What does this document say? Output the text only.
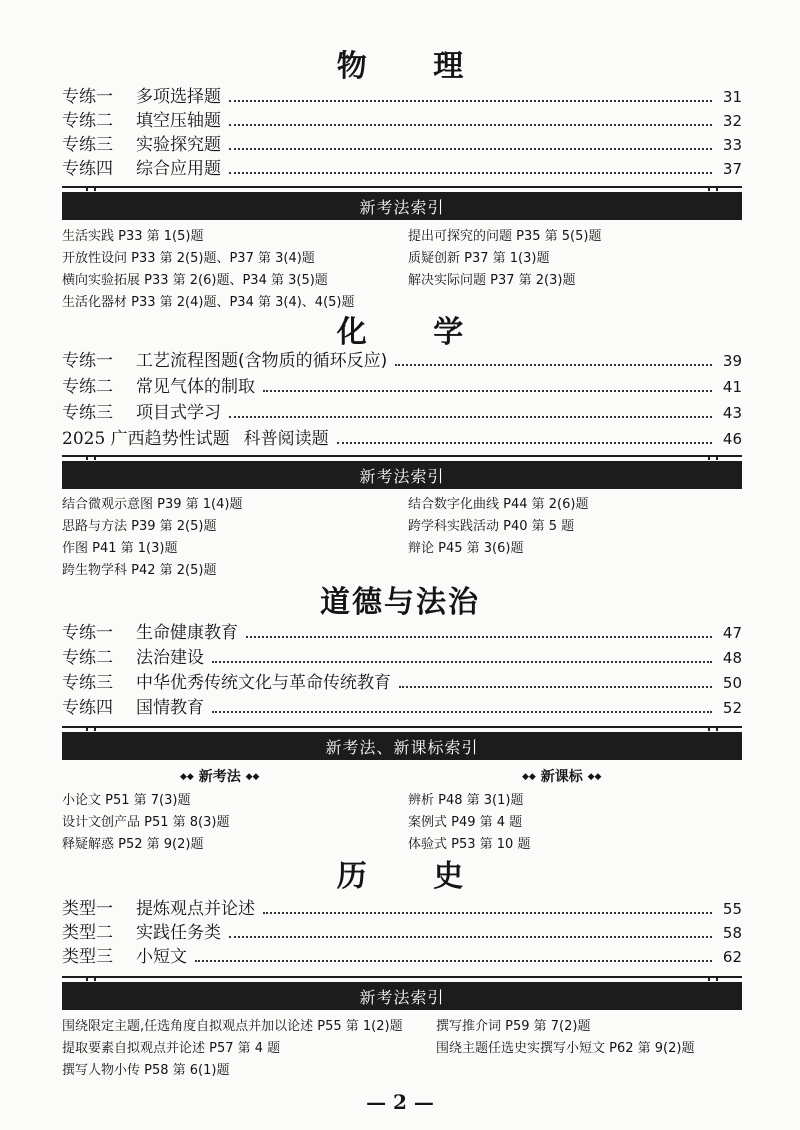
物 理
专练一	多项选择题	31
专练二	填空压轴题	32
专练三	实验探究题	33
专练四	综合应用题	37
新考法索引
生活实践 P33 第 1(5)题
开放性设问 P33 第 2(5)题、P37 第 3(4)题
横向实验拓展 P33 第 2(6)题、P34 第 3(5)题
生活化器材 P33 第 2(4)题、P34 第 3(4)、4(5)题
提出可探究的问题 P35 第 5(5)题
质疑创新 P37 第 1(3)题
解决实际问题 P37 第 2(3)题
化 学
专练一	工艺流程图题(含物质的循环反应)	39
专练二	常见气体的制取	41
专练三	项目式学习	43
2025 广西趋势性试题 科普阅读题	46
新考法索引
结合微观示意图 P39 第 1(4)题
思路与方法 P39 第 2(5)题
作图 P41 第 1(3)题
跨生物学科 P42 第 2(5)题
结合数字化曲线 P44 第 2(6)题
跨学科实践活动 P40 第 5 题
辩论 P45 第 3(6)题
道德与法治
专练一	生命健康教育	47
专练二	法治建设	48
专练三	中华优秀传统文化与革命传统教育	50
专练四	国情教育	52
新考法、新课标索引
◆◆ 新考法 ◆◆	◆◆ 新课标 ◆◆
小论文 P51 第 7(3)题
设计文创产品 P51 第 8(3)题
释疑解惑 P52 第 9(2)题
辨析 P48 第 3(1)题
案例式 P49 第 4 题
体验式 P53 第 10 题
历 史
类型一	提炼观点并论述	55
类型二	实践任务类	58
类型三	小短文	62
新考法索引
围绕限定主题,任选角度自拟观点并加以论述 P55 第 1(2)题
提取要素自拟观点并论述 P57 第 4 题
撰写人物小传 P58 第 6(1)题
撰写推介词 P59 第 7(2)题
围绕主题任选史实撰写小短文 P62 第 9(2)题
— 2 —
